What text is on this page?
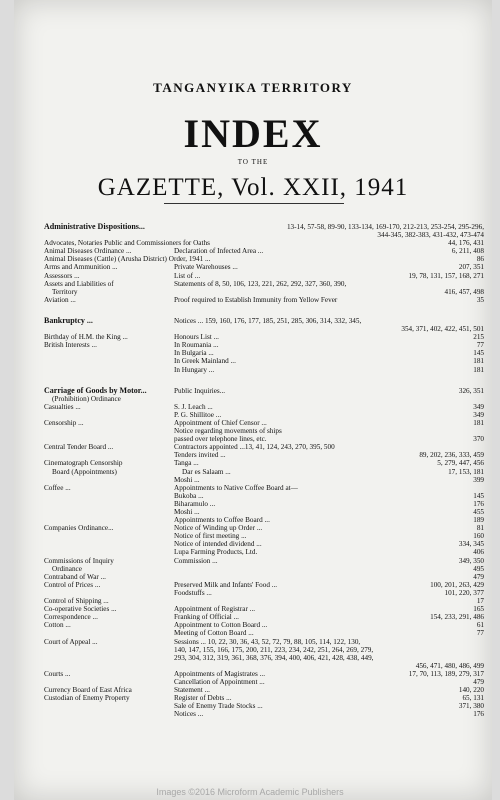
TANGANYIKA TERRITORY
INDEX
TO THE
GAZETTE, Vol. XXII, 1941
Administrative Dispositions...	13-14, 57-58, 89-90, 133-134, 169-170, 212-213, 253-254, 295-296,
344-345, 382-383, 431-432, 473-474
Advocates, Notaries Public and Commissioners for Oaths	44, 176, 431
Animal Diseases Ordinance ...	Declaration of Infected Area ...	6, 211, 408
Animal Diseases (Cattle) (Arusha District) Order, 1941 ...	86
Arms and Ammunition ...	Private Warehouses ...	207, 351
Assessors ...	List of ...	19, 78, 131, 157, 168, 271
Assets and Liabilities of	Statements of 8, 50, 106, 123, 221, 262, 292, 327, 360, 390,
Territory	416, 457, 498
Aviation ...	Proof required to Establish Immunity from Yellow Fever	35
Bankruptcy ...	Notices ... 159, 160, 176, 177, 185, 251, 285, 306, 314, 332, 345,
354, 371, 402, 422, 451, 501
Birthday of H.M. the King ...	Honours List ...	215
British Interests ...	In Roumania ...	77
In Bulgaria ...	145
In Greek Mainland ...	181
In Hungary ...	181
Carriage of Goods by Motor...	Public Inquiries...	326, 351
(Prohibition) Ordinance
Casualties ...	S. J. Leach ...	349
P. G. Shillitoe ...	349
Censorship ...	Appointment of Chief Censor ...	181
Notice regarding movements of ships
passed over telephone lines, etc.	370
Central Tender Board ...	Contractors appointed ...13, 41, 124, 243, 270, 395, 500
Tenders invited ...	89, 202, 236, 333, 459
Cinematograph Censorship	Tanga ...	5, 279, 447, 456
Board (Appointments)	Dar es Salaam ...	17, 153, 181
Moshi ...	399
Coffee ...	Appointments to Native Coffee Board at—
Bukoba ...	145
Biharamulo ...	176
Moshi ...	455
Appointments to Coffee Board ...	189
Companies Ordinance...	Notice of Winding up Order ...	81
Notice of first meeting ...	160
Notice of intended dividend ...	334, 345
Lupa Farming Products, Ltd.	406
Commissions of Inquiry	Commission ...	349, 350
Ordinance	495
Contraband of War ...	479
Control of Prices ...	Preserved Milk and Infants' Food ...	100, 201, 263, 429
Foodstuffs ...	101, 220, 377
Control of Shipping ...	17
Co-operative Societies ...	Appointment of Registrar ...	165
Correspondence ...	Franking of Official ...	154, 233, 291, 486
Cotton ...	Appointment to Cotton Board ...	61
Meeting of Cotton Board ...	77
Court of Appeal ...	Sessions ... 10, 22, 30, 36, 43, 52, 72, 79, 88, 105, 114, 122, 130,
140, 147, 155, 166, 175, 200, 211, 223, 234, 242, 251, 264, 269, 279,
293, 304, 312, 319, 361, 368, 376, 394, 400, 406, 421, 428, 438, 449,
456, 471, 480, 486, 499
Courts ...	Appointments of Magistrates ...	17, 70, 113, 189, 279, 317
Cancellation of Appointment ...	479
Currency Board of East Africa	Statement ...	140, 220
Custodian of Enemy Property	Register of Debts ...	65, 131
Sale of Enemy Trade Stocks ...	371, 380
Notices ...	176
Images ©2016 Microform Academic Publishers
